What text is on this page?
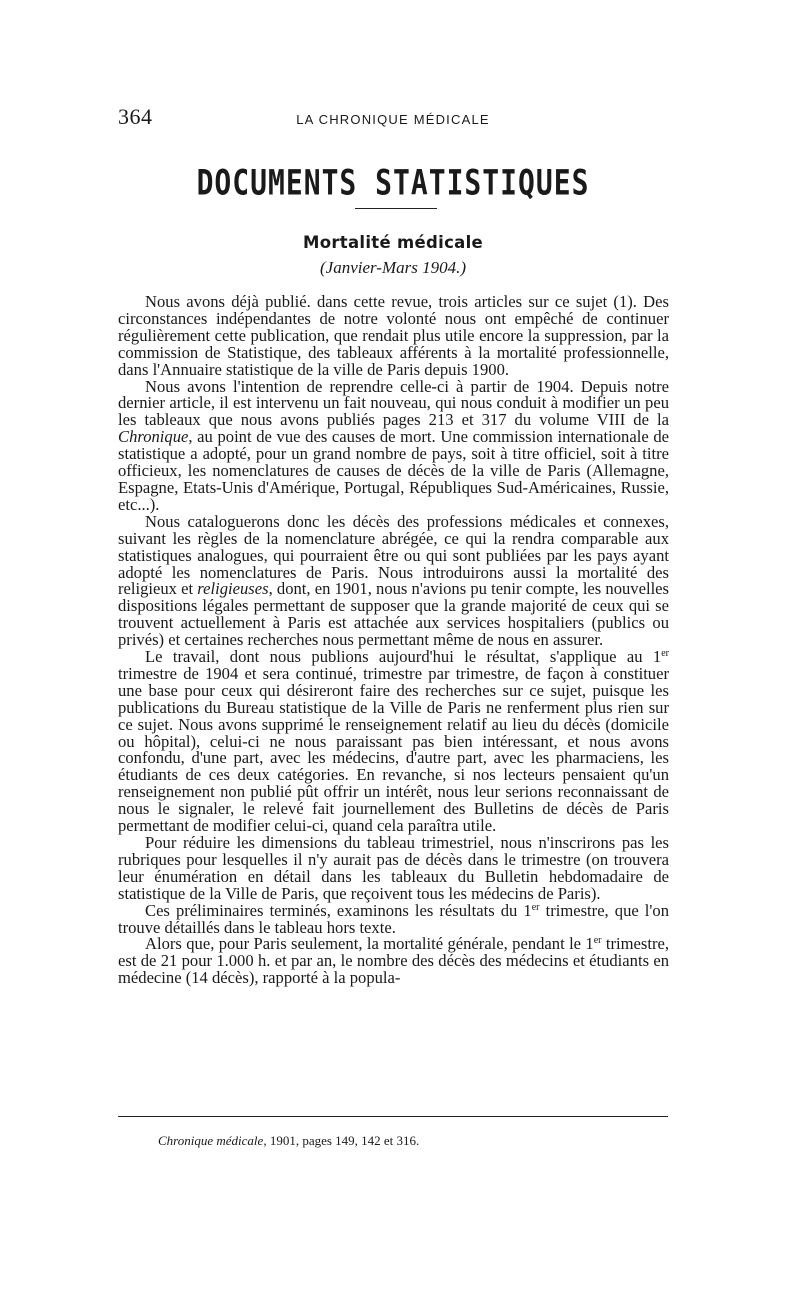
364	LA CHRONIQUE MÉDICALE
DOCUMENTS STATISTIQUES
Mortalité médicale
(Janvier-Mars 1904.)

Nous avons déjà publié. dans cette revue, trois articles sur ce sujet (1). Des circonstances indépendantes de notre volonté nous ont empêché de continuer régulièrement cette publication, que rendait plus utile encore la suppression, par la commission de Statistique, des tableaux afférents à la mortalité professionnelle, dans l'Annuaire statistique de la ville de Paris depuis 1900.

Nous avons l'intention de reprendre celle-ci à partir de 1904. Depuis notre dernier article, il est intervenu un fait nouveau, qui nous conduit à modifier un peu les tableaux que nous avons publiés pages 213 et 317 du volume VIII de la Chronique, au point de vue des causes de mort. Une commission internationale de statistique a adopté, pour un grand nombre de pays, soit à titre officiel, soit à titre officieux, les nomenclatures de causes de décès de la ville de Paris (Allemagne, Espagne, Etats-Unis d'Amérique, Portugal, Républiques Sud-Américaines, Russie, etc...).

Nous cataloguerons donc les décès des professions médicales et connexes, suivant les règles de la nomenclature abrégée, ce qui la rendra comparable aux statistiques analogues, qui pourraient être ou qui sont publiées par les pays ayant adopté les nomenclatures de Paris. Nous introduirons aussi la mortalité des religieux et religieuses, dont, en 1901, nous n'avions pu tenir compte, les nouvelles dispositions légales permettant de supposer que la grande majorité de ceux qui se trouvent actuellement à Paris est attachée aux services hospitaliers (publics ou privés) et certaines recherches nous permettant même de nous en assurer.

Le travail, dont nous publions aujourd'hui le résultat, s'applique au 1er trimestre de 1904 et sera continué, trimestre par trimestre, de façon à constituer une base pour ceux qui désireront faire des recherches sur ce sujet, puisque les publications du Bureau statistique de la Ville de Paris ne renferment plus rien sur ce sujet. Nous avons supprimé le renseignement relatif au lieu du décès (domicile ou hôpital), celui-ci ne nous paraissant pas bien intéressant, et nous avons confondu, d'une part, avec les médecins, d'autre part, avec les pharmaciens, les étudiants de ces deux catégories. En revanche, si nos lecteurs pensaient qu'un renseignement non publié pût offrir un intérêt, nous leur serions reconnaissant de nous le signaler, le relevé fait journellement des Bulletins de décès de Paris permettant de modifier celui-ci, quand cela paraîtra utile.

Pour réduire les dimensions du tableau trimestriel, nous n'inscrirons pas les rubriques pour lesquelles il n'y aurait pas de décès dans le trimestre (on trouvera leur énumération en détail dans les tableaux du Bulletin hebdomadaire de statistique de la Ville de Paris, que reçoivent tous les médecins de Paris).

Ces préliminaires terminés, examinons les résultats du 1er trimestre, que l'on trouve détaillés dans le tableau hors texte.

Alors que, pour Paris seulement, la mortalité générale, pendant le 1er trimestre, est de 21 pour 1.000 h. et par an, le nombre des décès des médecins et étudiants en médecine (14 décès), rapporté à la popula-

Chronique médicale, 1901, pages 149, 142 et 316.
